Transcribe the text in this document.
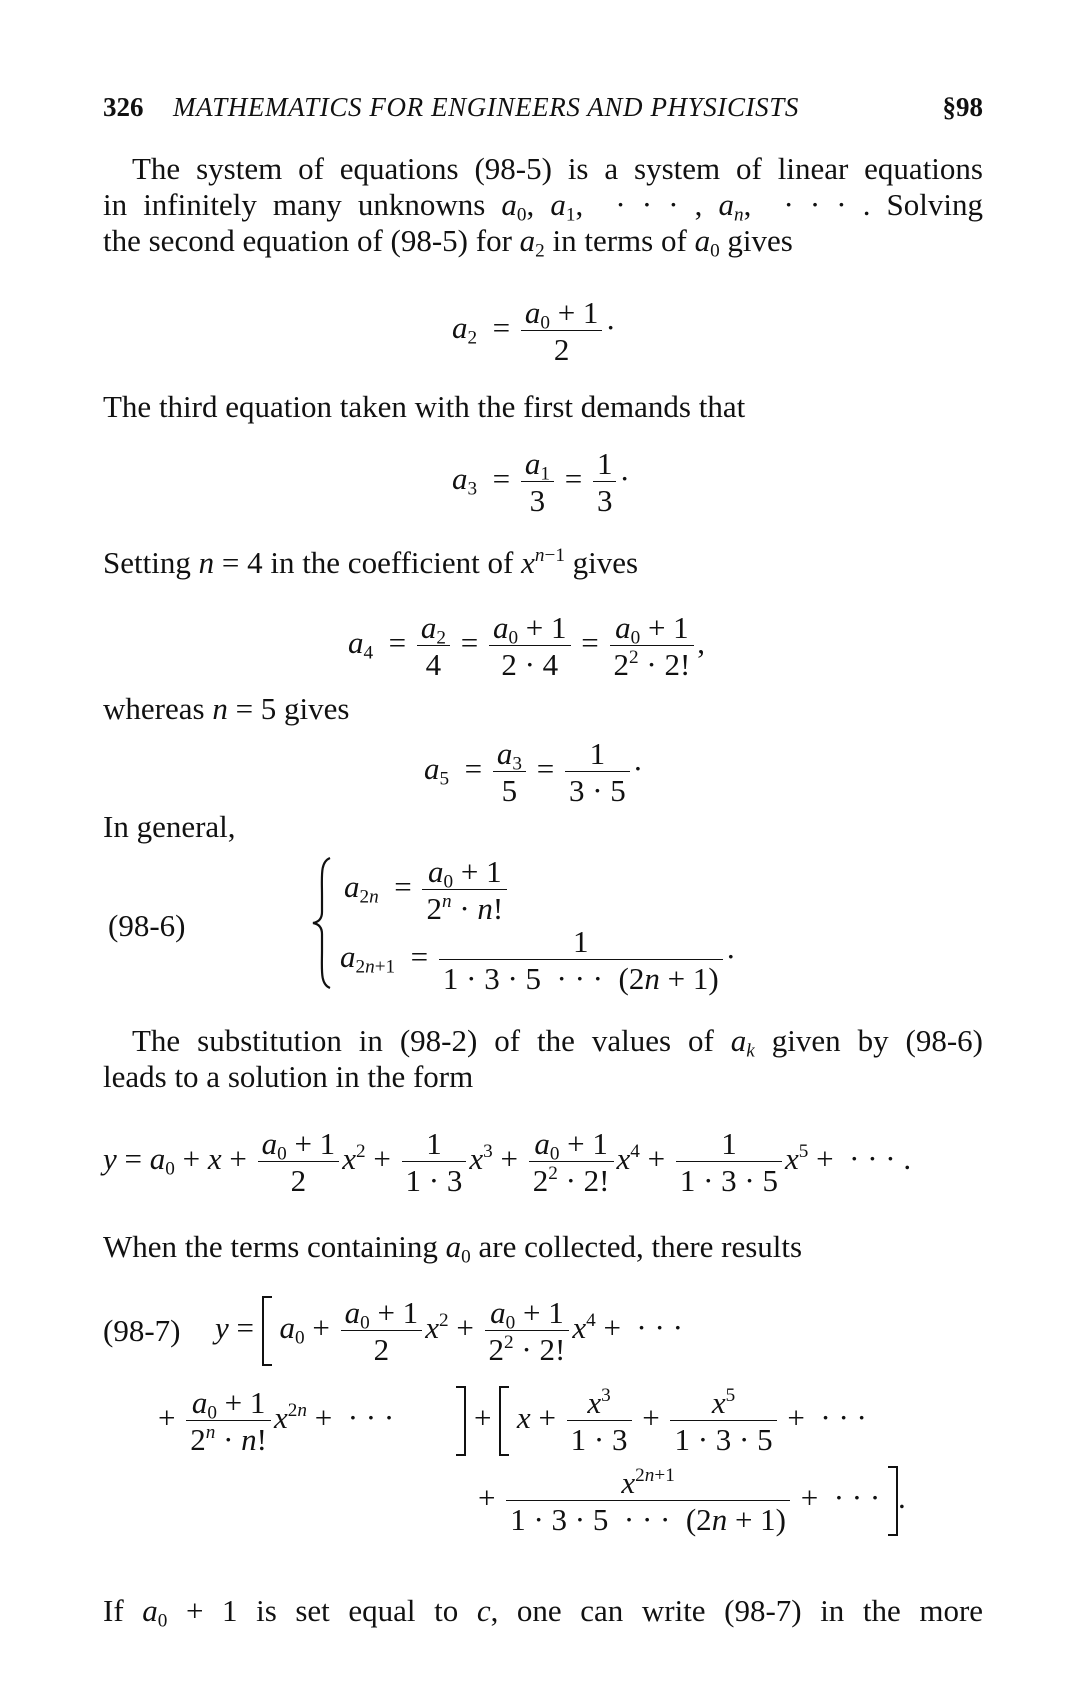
326 MATHEMATICS FOR ENGINEERS AND PHYSICISTS	§98
The system of equations (98-5) is a system of linear equations
in infinitely many unknowns $a_0$, $a_1$,  · · · , $a_n$,  · · · . Solving
the second equation of (98-5) for $a_2$ in terms of $a_0$ gives
$a_2 = \frac{a_0 + 1}{2}$ ·
The third equation taken with the first demands that
$a_3 = \frac{a_1}{3} = \frac{1}{3}$ ·
Setting n = 4 in the coefficient of $x^{n-1}$ gives
$a_4 = \frac{a_2}{4} = \frac{a_0 + 1}{2 \cdot 4} = \frac{a_0 + 1}{2^2 \cdot 2!}$ ,
whereas n = 5 gives
$a_5 = \frac{a_3}{5} = \frac{1}{3 \cdot 5}$ ·
In general,
(98-6)
$a_{2n} = \frac{a_0 + 1}{2^n \cdot n!}$
$a_{2n+1} = \frac{1}{1 \cdot 3 \cdot 5 \cdot \cdot \cdot (2n + 1)}$ ·
The substitution in (98-2) of the values of $a_k$ given by (98-6)
leads to a solution in the form
$y = a_0 + x + \frac{a_0 + 1}{2} x^2 + \frac{1}{1 \cdot 3} x^3 + \frac{a_0 + 1}{2^2 \cdot 2!} x^4 + \frac{1}{1 \cdot 3 \cdot 5} x^5$ +  · · · .
When the terms containing $a_0$ are collected, there results
(98-7) $y = a_0 + \frac{a_0 + 1}{2} x^2 + \frac{a_0 + 1}{2^2 \cdot 2!} x^4$ +  · · ·
+ $\frac{a_0 + 1}{2^n \cdot n!} x^{2n}$ +  · · ·         +  $x + \frac{x^3}{1 \cdot 3} + \frac{x^5}{1 \cdot 3 \cdot 5}$ +  · · ·
+ $\frac{x^{2n+1}}{1 \cdot 3 \cdot 5 \cdot \cdot \cdot (2n + 1)}$ +  · · · .
If $a_0 + 1$ is set equal to c, one can write (98-7) in the more
